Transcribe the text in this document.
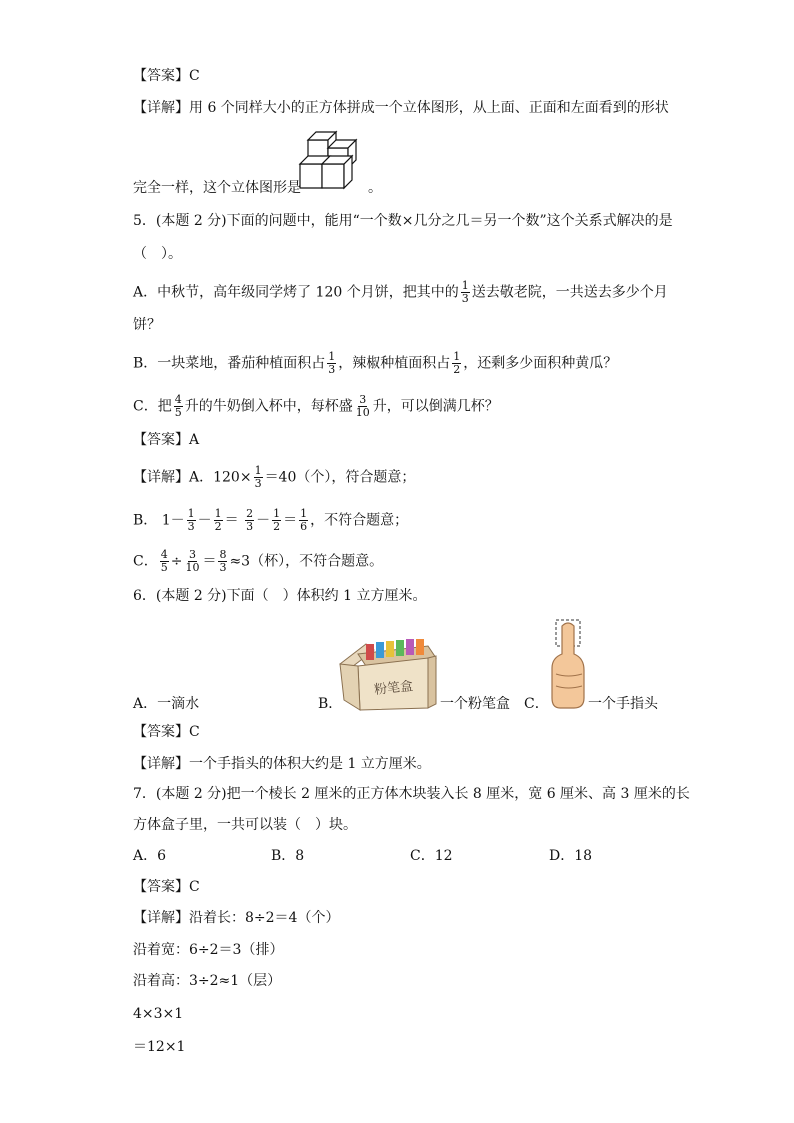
【答案】C
【详解】用 6 个同样大小的正方体拼成一个立体图形，从上面、正面和左面看到的形状
完全一样，这个立体图形是	。
5．(本题 2 分)下面的问题中，能用“一个数×几分之几＝另一个数”这个关系式解决的是
（　）。
A．中秋节，高年级同学烤了 120 个月饼，把其中的 $\frac{1}{3}$ 送去敬老院，一共送去多少个月
饼？
B．一块菜地，番茄种植面积占 $\frac{1}{3}$ ，辣椒种植面积占 $\frac{1}{2}$ ，还剩多少面积种黄瓜？
C．把 $\frac{4}{5}$ 升的牛奶倒入杯中，每杯盛 $\frac{3}{10}$ 升，可以倒满几杯？
【答案】A
【详解】A．$120\times \frac{1}{3} =40$（个），符合题意；
B． $1- \frac{1}{3} - \frac{1}{2} = \frac{2}{3} - \frac{1}{2} = \frac{1}{6}$ ，不符合题意；
C． $\frac{4}{5} \div \frac{3}{10} = \frac{8}{3} \approx 3$（杯），不符合题意。
6．(本题 2 分)下面（　）体积约 1 立方厘米。
粉笔盒
A．一滴水	B．	一个粉笔盒 C．	一个手指头
【答案】C
【详解】一个手指头的体积大约是 1 立方厘米。
7．(本题 2 分)把一个棱长 2 厘米的正方体木块装入长 8 厘米，宽 6 厘米、高 3 厘米的长
方体盒子里，一共可以装（　）块。
A．6	B．8	C．12	D．18
【答案】C
【详解】沿着长：8÷2＝4（个）
沿着宽：6÷2＝3（排）
沿着高：3÷2≈1（层）
4×3×1
＝12×1
